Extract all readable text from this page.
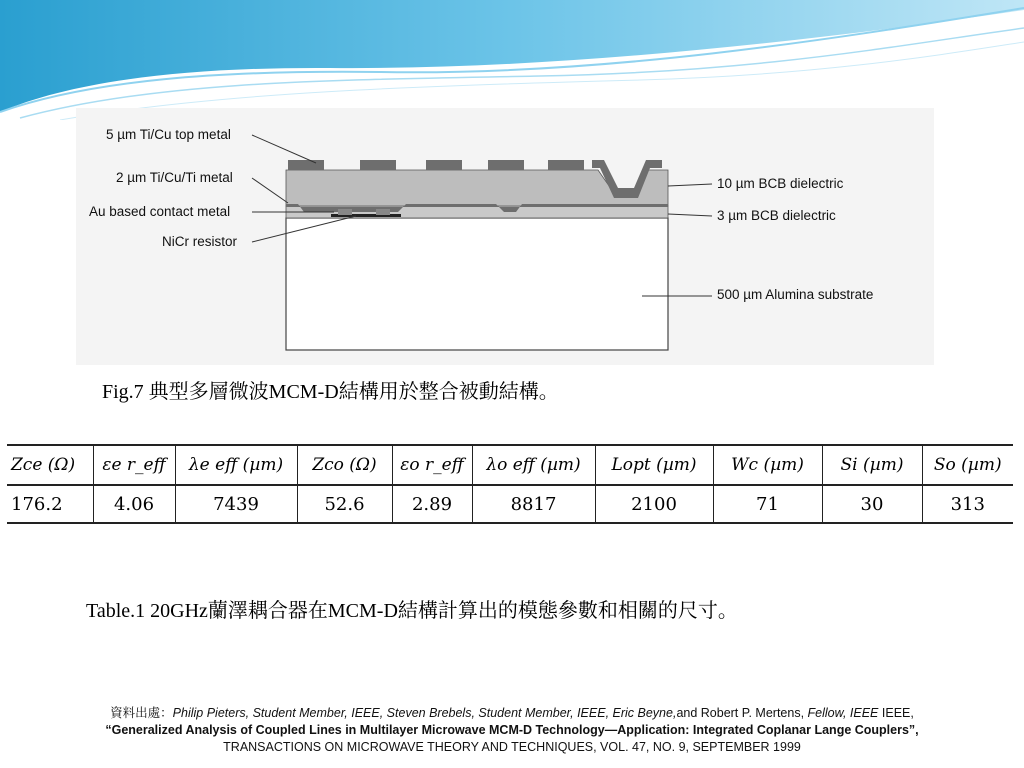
5 µm Ti/Cu top metal
2 µm Ti/Cu/Ti metal
Au based contact metal
NiCr resistor
10 µm BCB dielectric
3 µm BCB dielectric
500 µm Alumina substrate
Fig.7 典型多層微波MCM-D結構用於整合被動結構。
Zce (Ω)	εe r_eff	λe eff (µm)	Zco (Ω)	εo r_eff	λo eff (µm)	Lopt (µm)	Wc (µm)	Si (µm)	So (µm)
176.2	4.06	7439	52.6	2.89	8817	2100	71	30	313
Table.1 20GHz蘭澤耦合器在MCM-D結構計算出的模態參數和相關的尺寸。
資料出處：Philip Pieters, Student Member, IEEE, Steven Brebels, Student Member, IEEE, Eric Beyne,and Robert P. Mertens, Fellow, IEEE IEEE,
“Generalized Analysis of Coupled Lines in Multilayer Microwave MCM-D Technology—Application: Integrated Coplanar Lange Couplers”,
TRANSACTIONS ON MICROWAVE THEORY AND TECHNIQUES, VOL. 47, NO. 9, SEPTEMBER 1999
